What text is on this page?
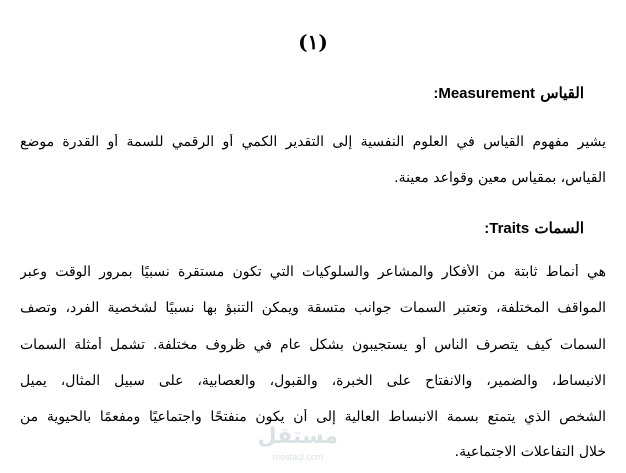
(١)
القياس Measurement:
يشير مفهوم القياس في العلوم النفسية إلى التقدير الكمي أو الرقمي للسمة أو القدرة موضع
القياس، بمقياس معين وقواعد معينة.
السمات Traits:
هي أنماط ثابتة من الأفكار والمشاعر والسلوكيات التي تكون مستقرة نسبيًا بمرور الوقت وعبر
المواقف المختلفة، وتعتبر السمات جوانب متسقة ويمكن التنبؤ بها نسبيًا لشخصية الفرد، وتصف
السمات كيف يتصرف الناس أو يستجيبون بشكل عام في ظروف مختلفة. تشمل أمثلة السمات
الانبساط، والضمير، والانفتاح على الخبرة، والقبول، والعصابية، على سبيل المثال، يميل
الشخص الذي يتمتع بسمة الانبساط العالية إلى أن يكون منفتحًا واجتماعيًا ومفعمًا بالحيوية من
خلال التفاعلات الاجتماعية.
مستقل
mostaql.com
